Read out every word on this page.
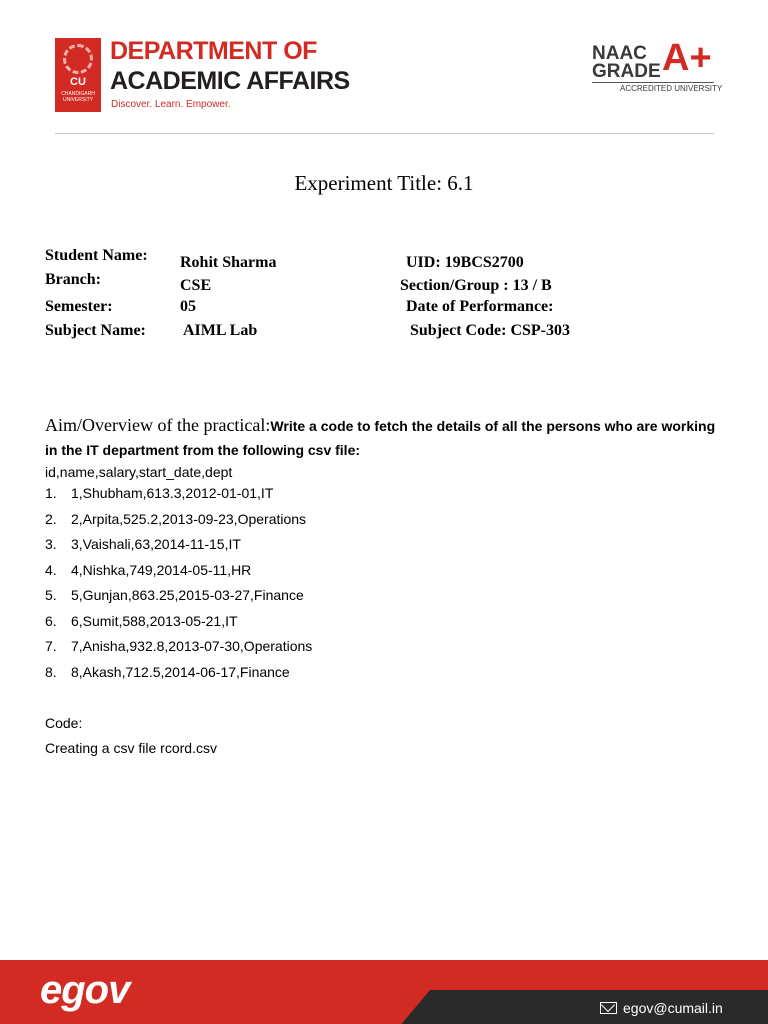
CU
CHANDIGARH UNIVERSITY
DEPARTMENT OF
ACADEMIC AFFAIRS
Discover. Learn. Empower.
NAAC
GRADE A+
ACCREDITED UNIVERSITY
Experiment Title: 6.1
Student Name: Rohit Sharma	UID: 19BCS2700
Branch:	CSE	Section/Group : 13 / B
Semester:	05	Date of Performance:
Subject Name: AIML Lab	Subject Code: CSP-303
Aim/Overview of the practical:Write a code to fetch the details of all the persons who are working in the IT department from the following csv file:
id,name,salary,start_date,dept
1. 1,Shubham,613.3,2012-01-01,IT
2. 2,Arpita,525.2,2013-09-23,Operations
3. 3,Vaishali,63,2014-11-15,IT
4. 4,Nishka,749,2014-05-11,HR
5. 5,Gunjan,863.25,2015-03-27,Finance
6. 6,Sumit,588,2013-05-21,IT
7. 7,Anisha,932.8,2013-07-30,Operations
8. 8,Akash,712.5,2014-06-17,Finance
Code:
Creating a csv file rcord.csv
egov	egov@cumail.in
